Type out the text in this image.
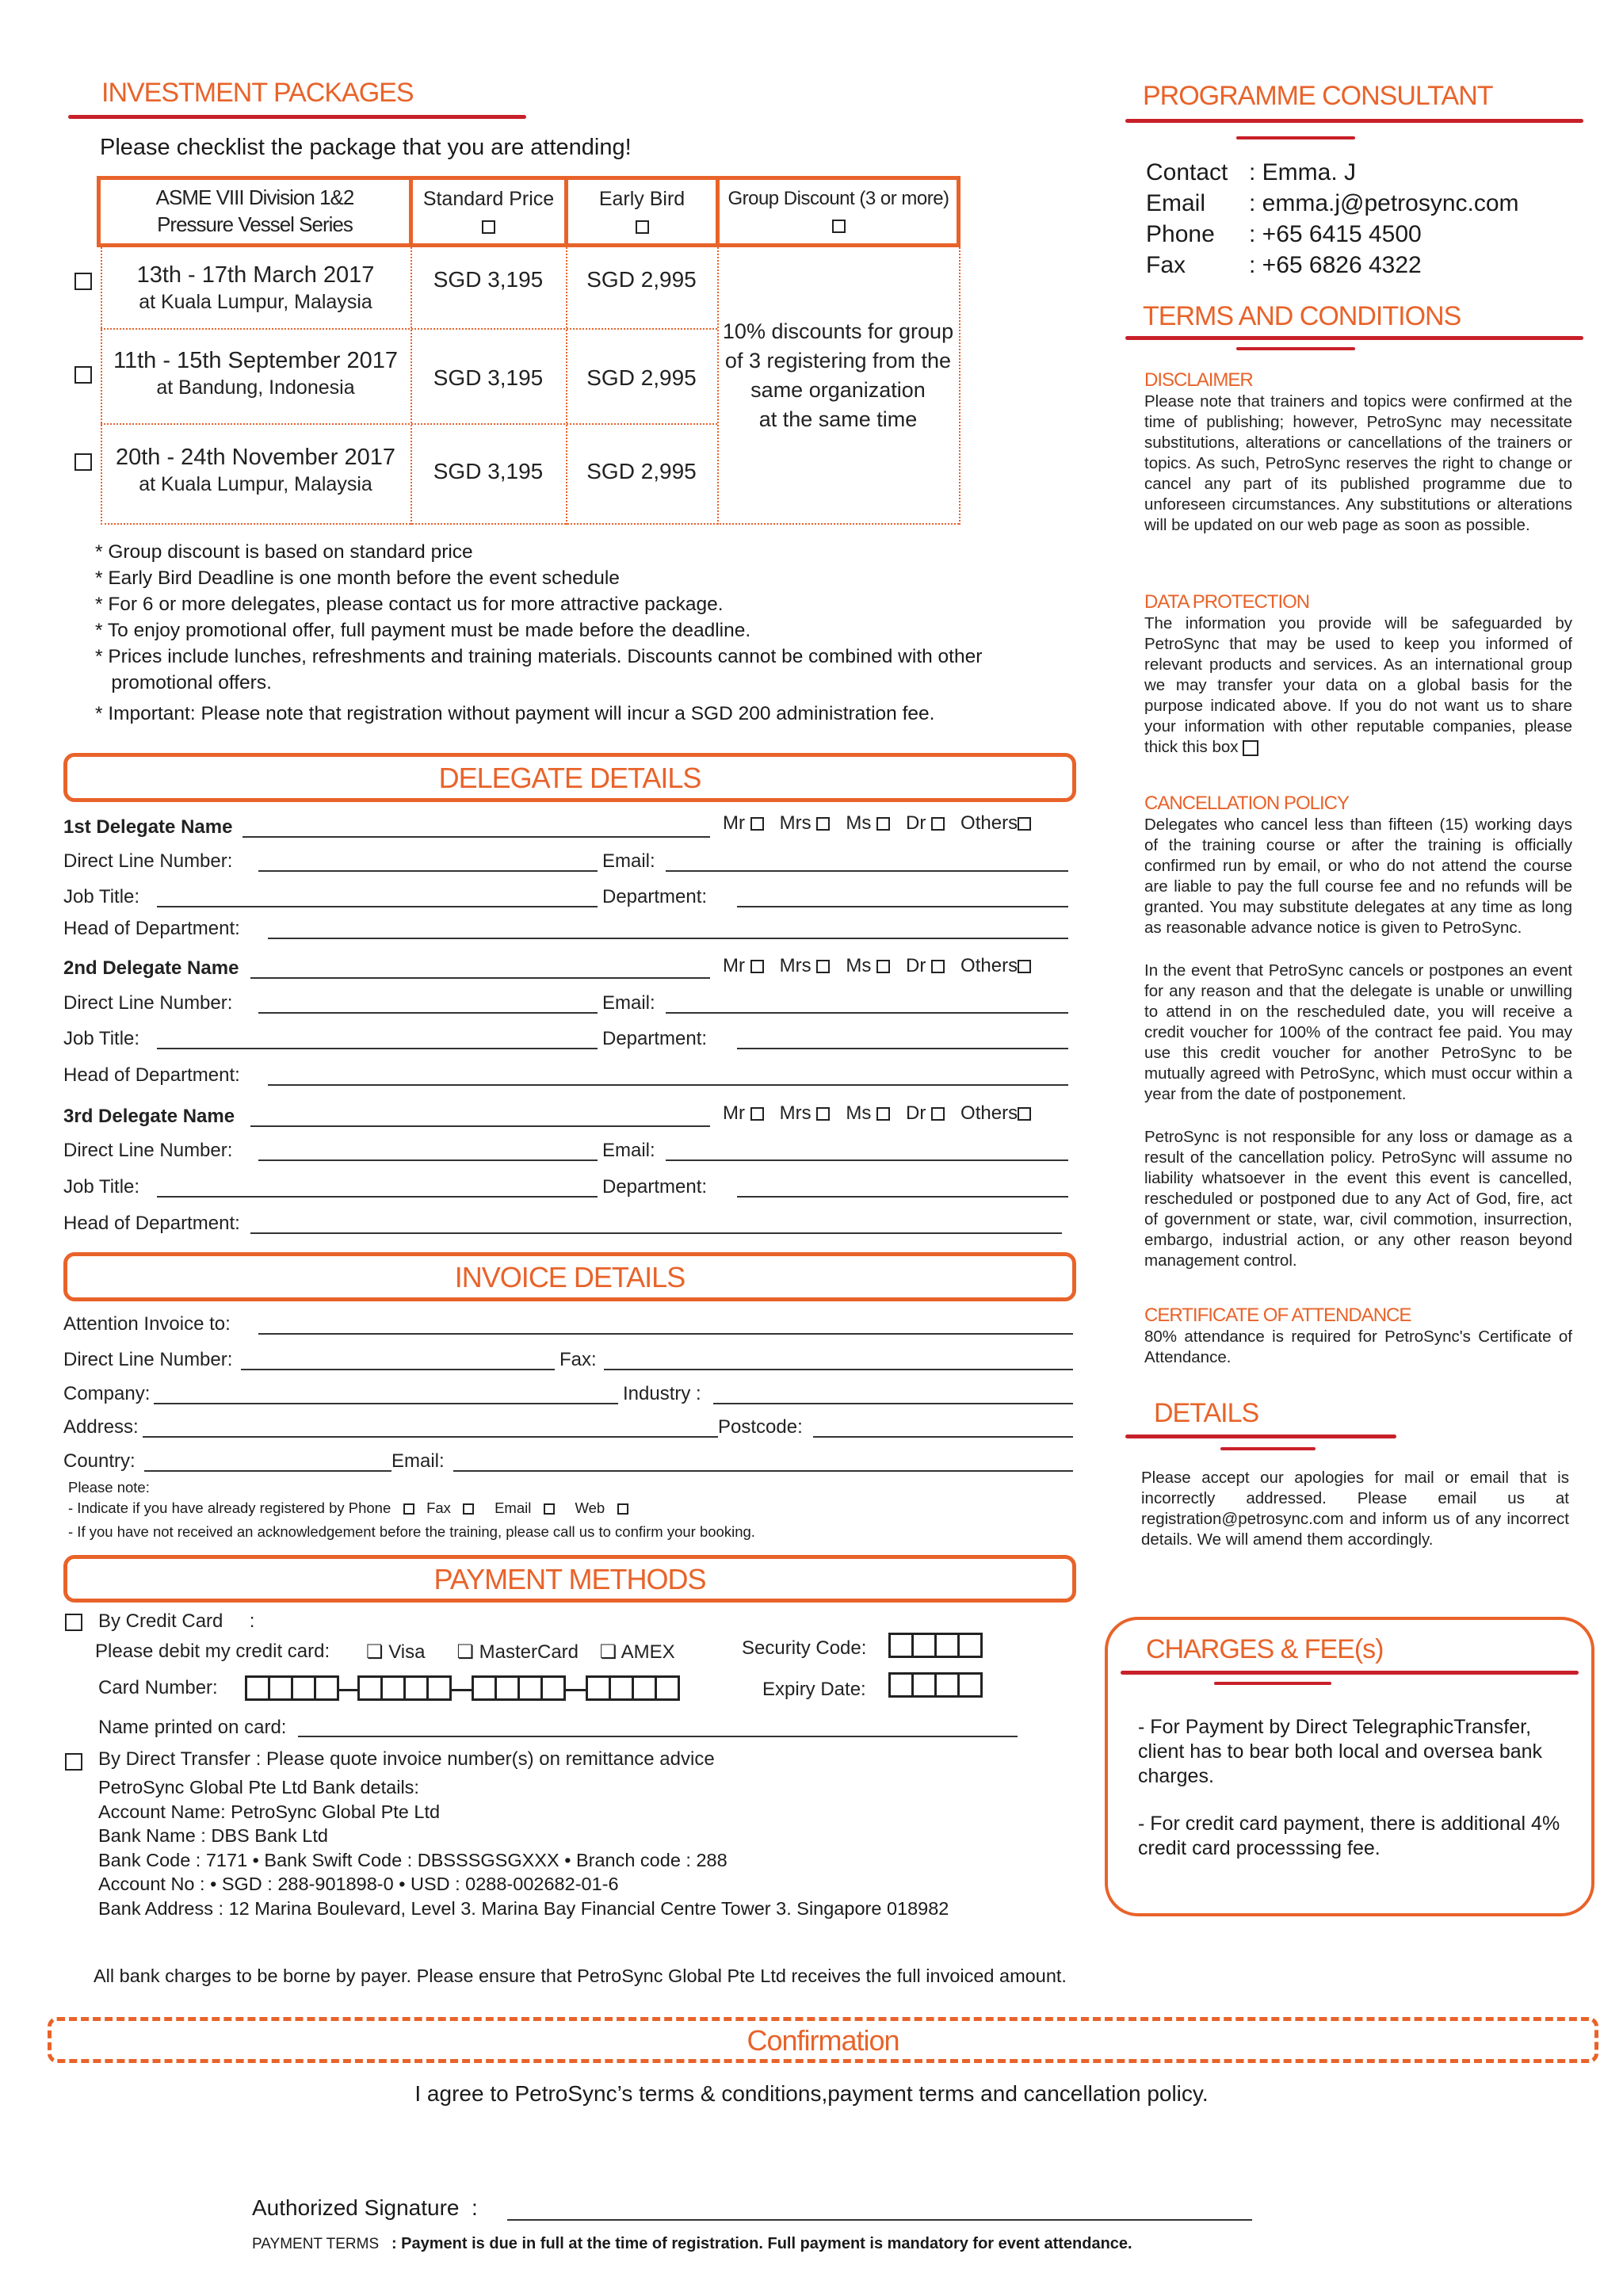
INVESTMENT PACKAGES
Please checklist the package that you are attending!
ASME VIII Division 1&2
Pressure Vessel Series
Standard Price	Early Bird	Group Discount (3 or more)
13th - 17th March 2017
at Kuala Lumpur, Malaysia
SGD 3,195	SGD 2,995
11th - 15th September 2017
at Bandung, Indonesia	SGD 3,195	SGD 2,995
20th - 24th November 2017
at Kuala Lumpur, Malaysia
SGD 3,195	SGD 2,995
10% discounts for group
of 3 registering from the
same organization
at the same time
* Group discount is based on standard price
* Early Bird Deadline is one month before the event schedule
* For 6 or more delegates, please contact us for more attractive package.
* To enjoy promotional offer, full payment must be made before the deadline.
* Prices include lunches, refreshments and training materials. Discounts cannot be combined with other
promotional offers.
* Important: Please note that registration without payment will incur a SGD 200 administration fee.
DELEGATE DETAILS
1st Delegate Name	Mr Mrs Ms Dr Others
Direct Line Number:	Email:
Job Title:	Department:
Head of Department:
2nd Delegate Name	Mr Mrs Ms Dr Others
Direct Line Number:	Email:
Job Title:	Department:
Head of Department:
3rd Delegate Name	Mr Mrs Ms Dr Others
Direct Line Number:	Email:
Job Title:	Department:
Head of Department:
INVOICE DETAILS
Attention Invoice to:
Direct Line Number:	Fax:
Company:	Industry :
Address:	Postcode:
Country:	Email:
Please note:
- Indicate if you have already registered by Phone Fax	Email	Web
- If you have not received an acknowledgement before the training, please call us to confirm your booking.
PAYMENT METHODS
By Credit Card     :
Please debit my credit card: ❏ Visa ❏ MasterCard ❏ AMEX	Security Code:
Card Number:	Expiry Date:
Name printed on card:
By Direct Transfer : Please quote invoice number(s) on remittance advice
PetroSync Global Pte Ltd Bank details:
Account Name: PetroSync Global Pte Ltd
Bank Name : DBS Bank Ltd
Bank Code : 7171 • Bank Swift Code : DBSSSGSGXXX • Branch code : 288
Account No : • SGD : 288-901898-0 • USD : 0288-002682-01-6
Bank Address : 12 Marina Boulevard, Level 3. Marina Bay Financial Centre Tower 3. Singapore 018982
All bank charges to be borne by payer. Please ensure that PetroSync Global Pte Ltd receives the full invoiced amount.
Confirmation
I agree to PetroSync’s terms & conditions,payment terms and cancellation policy.
Authorized Signature  :
PAYMENT TERMS : Payment is due in full at the time of registration. Full payment is mandatory for event attendance.
PROGRAMME CONSULTANT
Contact : Emma. J
Email : emma.j@petrosync.com
Phone : +65 6415 4500
Fax	: +65 6826 4322
TERMS AND CONDITIONS
DISCLAIMER
Please note that trainers and topics were confirmed at the time of publishing; however, PetroSync may necessitate substitutions, alterations or cancellations of the trainers or topics. As such, PetroSync reserves the right to change or cancel any part of its published programme due to unforeseen circumstances. Any substitutions or alterations will be updated on our web page as soon as possible.
DATA PROTECTION
The information you provide will be safeguarded by PetroSync that may be used to keep you informed of relevant products and services. As an international group we may transfer your data on a global basis for the purpose indicated above. If you do not want us to share your information with other reputable companies, please thick this box
CANCELLATION POLICY
Delegates who cancel less than fifteen (15) working days of the training course or after the training is officially confirmed run by email, or who do not attend the course are liable to pay the full course fee and no refunds will be granted. You may substitute delegates at any time as long as reasonable advance notice is given to PetroSync.
In the event that PetroSync cancels or postpones an event for any reason and that the delegate is unable or unwilling to attend in on the rescheduled date, you will receive a credit voucher for 100% of the contract fee paid. You may use this credit voucher for another PetroSync to be mutually agreed with PetroSync, which must occur within a year from the date of postponement.
PetroSync is not responsible for any loss or damage as a result of the cancellation policy. PetroSync will assume no liability whatsoever in the event this event is cancelled, rescheduled or postponed due to any Act of God, fire, act of government or state, war, civil commotion, insurrection, embargo, industrial action, or any other reason beyond management control.
CERTIFICATE OF ATTENDANCE
80% attendance is required for PetroSync's Certificate of Attendance.
DETAILS
Please accept our apologies for mail or email that is incorrectly addressed. Please email us at registration@petrosync.com and inform us of any incorrect details. We will amend them accordingly.
CHARGES & FEE(s)
- For Payment by Direct TelegraphicTransfer, client has to bear both local and oversea bank charges.
- For credit card payment, there is additional 4% credit card processsing fee.
